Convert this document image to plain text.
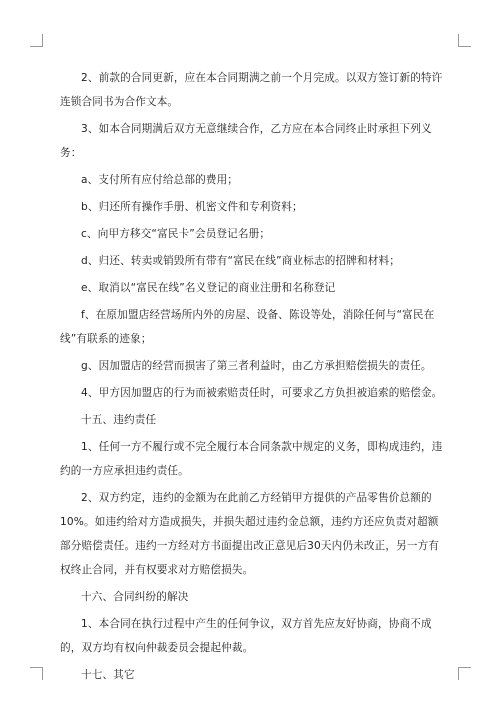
2、前款的合同更新，应在本合同期满之前一个月完成。以双方签订新的特许连锁合同书为合作文本。

3、如本合同期满后双方无意继续合作，乙方应在本合同终止时承担下列义务：

a、支付所有应付给总部的费用；

b、归还所有操作手册、机密文件和专利资料；

c、向甲方移交“富民卡”会员登记名册；

d、归还、转卖或销毁所有带有“富民在线”商业标志的招牌和材料；

e、取消以“富民在线”名义登记的商业注册和名称登记

f、在原加盟店经营场所内外的房屋、设备、陈设等处，消除任何与“富民在线”有联系的迹象；

g、因加盟店的经营而损害了第三者利益时，由乙方承担赔偿损失的责任。

4、甲方因加盟店的行为而被索赔责任时，可要求乙方负担被追索的赔偿金。

十五、违约责任

1、任何一方不履行或不完全履行本合同条款中规定的义务，即构成违约，违约的一方应承担违约责任。

2、双方约定，违约的金额为在此前乙方经销甲方提供的产品零售价总额的10%。如违约给对方造成损失，并损失超过违约金总额，违约方还应负责对超额部分赔偿责任。违约一方经对方书面提出改正意见后30天内仍未改正，另一方有权终止合同，并有权要求对方赔偿损失。

十六、合同纠纷的解决

1、本合同在执行过程中产生的任何争议，双方首先应友好协商，协商不成的，双方均有权向仲裁委员会提起仲裁。

十七、其它
